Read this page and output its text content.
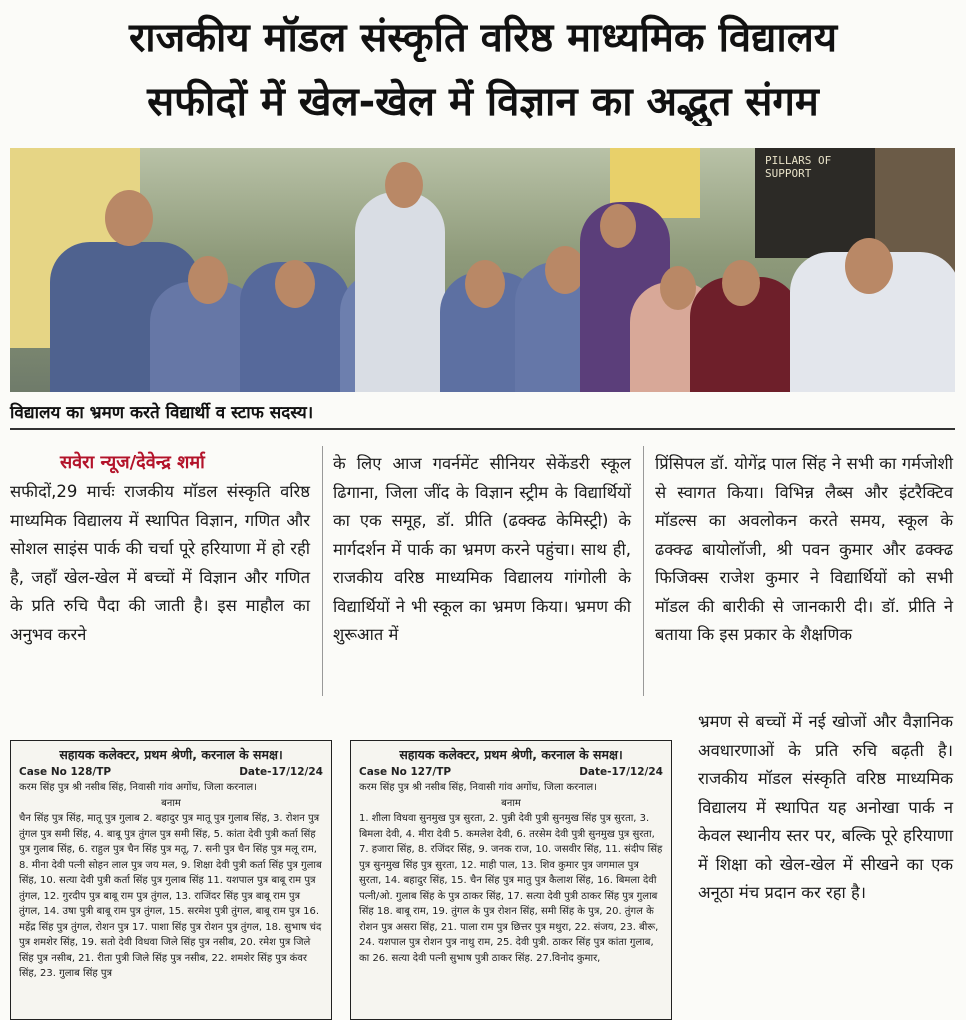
राजकीय मॉडल संस्कृति वरिष्ठ माध्यमिक विद्यालय
सफीदों में खेल-खेल में विज्ञान का अद्भुत संगम
PILLARS OF SUPPORT
विद्यालय का भ्रमण करते विद्यार्थी व स्टाफ सदस्य।
सवेरा न्यूज/देवेन्द्र शर्मा
सफीदों,29 मार्चः राजकीय मॉडल संस्कृति वरिष्ठ माध्यमिक विद्यालय में स्थापित विज्ञान, गणित और सोशल साइंस पार्क की चर्चा पूरे हरियाणा में हो रही है, जहाँ खेल-खेल में बच्चों में विज्ञान और गणित के प्रति रुचि पैदा की जाती है। इस माहौल का अनुभव करने
के लिए आज गवर्नमेंट सीनियर सेकेंडरी स्कूल ढिगाना, जिला जींद के विज्ञान स्ट्रीम के विद्यार्थियों का एक समूह, डॉ. प्रीति (ढक्क्ढ केमिस्ट्री) के मार्गदर्शन में पार्क का भ्रमण करने पहुंचा। साथ ही, राजकीय वरिष्ठ माध्यमिक विद्यालय गांगोली के विद्यार्थियों ने भी स्कूल का भ्रमण किया। भ्रमण की शुरूआत में
प्रिंसिपल डॉ. योगेंद्र पाल सिंह ने सभी का गर्मजोशी से स्वागत किया। विभिन्न लैब्स और इंटरैक्टिव मॉडल्स का अवलोकन करते समय, स्कूल के ढक्क्ढ बायोलॉजी, श्री पवन कुमार और ढक्क्ढ फिजिक्स राजेश कुमार ने विद्यार्थियों को सभी मॉडल की बारीकी से जानकारी दी। डॉ. प्रीति ने बताया कि इस प्रकार के शैक्षणिक
भ्रमण से बच्चों में नई खोजों और वैज्ञानिक अवधारणाओं के प्रति रुचि बढ़ती है। राजकीय मॉडल संस्कृति वरिष्ठ माध्यमिक विद्यालय में स्थापित यह अनोखा पार्क न केवल स्थानीय स्तर पर, बल्कि पूरे हरियाणा में शिक्षा को खेल-खेल में सीखने का एक अनूठा मंच प्रदान कर रहा है।
सहायक कलेक्टर, प्रथम श्रेणी, करनाल के समक्ष।
Case No 128/TP	Date-17/12/24
करम सिंह पुत्र श्री नसीब सिंह, निवासी गांव अगोंध, जिला करनाल।
बनाम
चैन सिंह पुत्र सिंह, मातू पुत्र गुलाब 2. बहादुर पुत्र मातू पुत्र गुलाब सिंह, 3. रोशन पुत्र तुंगल पुत्र समी सिंह, 4. बाबू पुत्र तुंगल पुत्र समी सिंह, 5. कांता देवी पुत्री कर्ता सिंह पुत्र गुलाब सिंह, 6. राहुल पुत्र चैन सिंह पुत्र मतू, 7. सनी पुत्र चैन सिंह पुत्र मलू राम, 8. मीना देवी पत्नी सोहन लाल पुत्र जय मल, 9. शिक्षा देवी पुत्री कर्ता सिंह पुत्र गुलाब सिंह, 10. सत्या देवी पुत्री कर्ता सिंह पुत्र गुलाब सिंह 11. यशपाल पुत्र बाबू राम पुत्र तुंगल, 12. गुरदीप पुत्र बाबू राम पुत्र तुंगल, 13. राजिंदर सिंह पुत्र बाबू राम पुत्र तुंगल, 14. उषा पुत्री बाबू राम पुत्र तुंगल, 15. सरमेश पुत्री तुंगल, बाबू राम पुत्र 16. महेंद्र सिंह पुत्र तुंगल, रोशन पुत्र 17. पाशा सिंह पुत्र रोशन पुत्र तुंगल, 18. सुभाष चंद पुत्र शमशेर सिंह, 19. सतो देवी विधवा जिले सिंह पुत्र नसीब, 20. रमेश पुत्र जिले सिंह पुत्र नसीब, 21. रीता पुत्री जिले सिंह पुत्र नसीब, 22. शमशेर सिंह पुत्र कंवर सिंह, 23. गुलाब सिंह पुत्र
सहायक कलेक्टर, प्रथम श्रेणी, करनाल के समक्ष।
Case No 127/TP	Date-17/12/24
करम सिंह पुत्र श्री नसीब सिंह, निवासी गांव अगोंध, जिला करनाल।
बनाम
1. शीला विधवा सुनमुख पुत्र सुरता, 2. पुन्नी देवी पुत्री सुनमुख सिंह पुत्र सुरता, 3. बिमला देवी, 4. मीरा देवी 5. कमलेश देवी, 6. तरसेम देवी पुत्री सुनमुख पुत्र सुरता, 7. हजारा सिंह, 8. रजिंदर सिंह, 9. जनक राज, 10. जसवीर सिंह, 11. संदीप सिंह पुत्र सुनमुख सिंह पुत्र सुरता, 12. माही पाल, 13. शिव कुमार पुत्र जगमाल पुत्र सुरता, 14. बहादुर सिंह, 15. चैन सिंह पुत्र मातु पुत्र कैलाश सिंह, 16. बिमला देवी पत्नी/ओ. गुलाब सिंह के पुत्र ठाकर सिंह, 17. सत्या देवी पुत्री ठाकर सिंह पुत्र गुलाब सिंह 18. बाबू राम, 19. तुंगल के पुत्र रोशन सिंह, समी सिंह के पुत्र, 20. तुंगल के रोशन पुत्र असरा सिंह, 21. पाला राम पुत्र छित्तर पुत्र मथुरा, 22. संजय, 23. बीरू, 24. यशपाल पुत्र रोशन पुत्र नाथु राम, 25. देवी पुत्री. ठाकर सिंह पुत्र कांता गुलाब, का 26. सत्या देवी पत्नी सुभाष पुत्री ठाकर सिंह. 27.विनोद कुमार,
